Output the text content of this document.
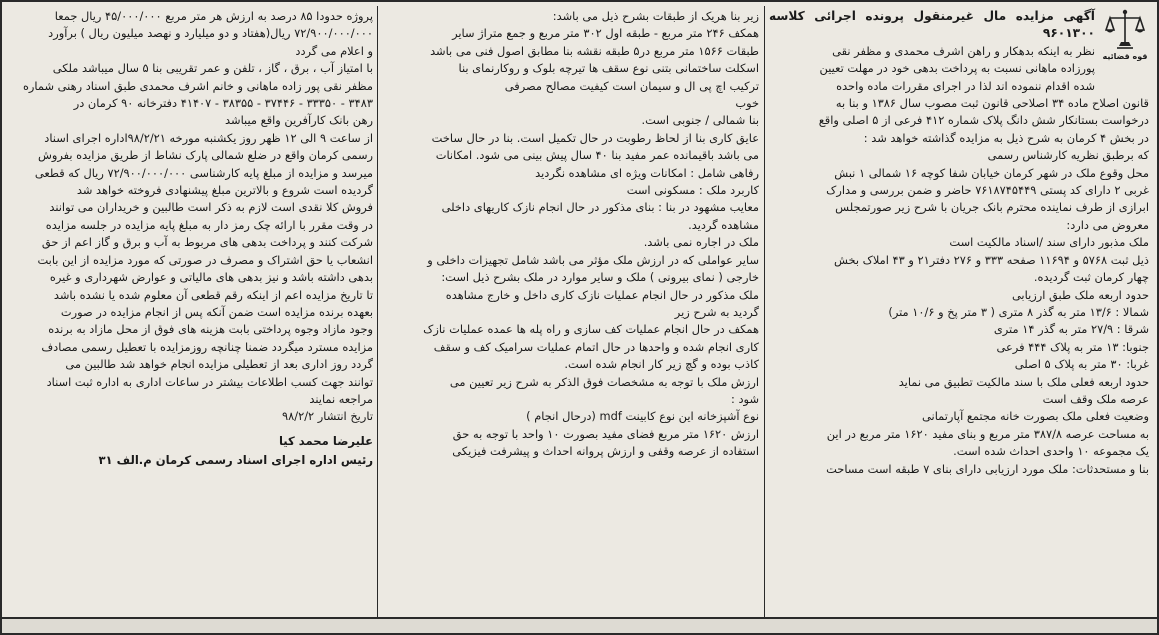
قوه قضائیه

آگهی مزایده مال غیرمنقول پرونده اجرائی کلاسه ۹۶۰۱۳۰۰

نظر به اینکه بدهکار و راهن اشرف محمدی و مظفر نقی

پورزاده ماهانی نسبت به پرداخت بدهی خود در مهلت تعیین

شده اقدام ننموده اند لذا در اجرای مقررات ماده واحده

قانون اصلاح ماده ۳۴ اصلاحی قانون ثبت مصوب سال ۱۳۸۶ و بنا به

درخواست بستانکار شش دانگ پلاک شماره ۴۱۲ فرعی از ۵ اصلی واقع

در بخش ۴ کرمان به شرح ذیل به مزایده گذاشته خواهد شد :

که برطبق نظریه کارشناس رسمی

محل وقوع ملک در شهر کرمان خیابان شفا کوچه ۱۶ شمالی ۱ نبش

غربی ۲ دارای کد پستی ۷۶۱۸۷۴۵۴۴۹ حاضر و ضمن بررسی و مدارک

ابرازی از طرف نماینده محترم بانک جریان با شرح زیر صورتمجلس

معروض می دارد:

ملک مذبور دارای سند /اسناد مالکیت است

ذیل ثبت ۵۷۶۸ و ۱۱۶۹۴ صفحه ۳۳۳ و ۲۷۶ دفتر۲۱ و ۴۳ املاک بخش

چهار کرمان ثبت گردیده.

حدود اربعه ملک طبق ارزیابی

شمالا : ۱۳/۶ متر به گذر ۸ متری ( ۳ متر پخ و ۱۰/۶ متر)

شرقا : ۲۷/۹ متر به گذر ۱۴ متری

جنوبا: ۱۳ متر به پلاک ۴۴۴ فرعی

غربا: ۳۰ متر به پلاک ۵ اصلی

حدود اربعه فعلی ملک با سند مالکیت تطبیق می نماید

عرصه ملک وقف است

وضعیت فعلی ملک بصورت خانه مجتمع آپارتمانی

به مساحت عرصه ۳۸۷/۸ متر مربع و بنای مفید ۱۶۲۰ متر مربع در این

یک مجموعه ۱۰ واحدی احداث شده است.

بنا و مستحدثات: ملک مورد ارزیابی دارای بنای ۷ طبقه است مساحت

زیر بنا هریک از طبقات بشرح ذیل می باشد:

همکف ۲۴۶ متر مربع - طبقه اول ۳۰۲ متر مربع و جمع متراژ سایر

طبقات ۱۵۶۶ متر مربع در۵ طبقه نقشه بنا مطابق اصول فنی می باشد

اسکلت ساختمانی بتنی نوع سقف ها تیرچه بلوک و روکارنمای بنا

ترکیب اچ پی ال و سیمان است کیفیت مصالح مصرفی

خوب

بنا شمالی / جنوبی است.

عایق کاری بنا از لحاظ رطوبت در حال تکمیل است. بنا در حال ساخت

می باشد باقیمانده عمر مفید بنا ۴۰ سال پیش بینی می شود. امکانات

رفاهی شامل : امکانات ویژه ای مشاهده نگردید

کاربرد ملک : مسکونی است

معایب مشهود در بنا : بنای مذکور در حال انجام نازک کاریهای داخلی

مشاهده گردید.

ملک در اجاره نمی باشد.

سایر عواملی که در ارزش ملک مؤثر می باشد شامل تجهیزات داخلی و

خارجی ( نمای بیرونی ) ملک و سایر موارد در ملک بشرح ذیل است:

ملک مذکور در حال انجام عملیات نازک کاری داخل و خارج مشاهده

گردید به شرح زیر

همکف در حال انجام عملیات کف سازی و راه پله ها عمده عملیات نازک

کاری انجام شده و واحدها در حال اتمام عملیات سرامیک کف و سقف

کاذب بوده و گچ زیر کار انجام شده است.

ارزش ملک با توجه به مشخصات فوق الذکر به شرح زیر تعیین می

شود :

نوع آشپزخانه این نوع کابینت mdf (درحال انجام )

ارزش ۱۶۲۰ متر مربع فضای مفید بصورت ۱۰ واحد با توجه به حق

استفاده از عرصه وقفی و ارزش پروانه احداث و پیشرفت فیزیکی

پروژه حدودا ۸۵ درصد به ارزش هر متر مربع ۴۵/۰۰۰/۰۰۰ ریال جمعا

۷۲/۹۰۰/۰۰۰/۰۰۰ ریال(هفتاد و دو میلیارد و نهصد میلیون ریال ) برآورد

و اعلام می گردد

با امتیاز آب ، برق ، گاز ، تلفن و عمر تقریبی بنا ۵ سال میباشد ملکی

مظفر نقی پور زاده ماهانی و خانم اشرف محمدی طبق اسناد رهنی شماره

۳۴۸۳ - ۳۳۳۵۰ - ۳۷۴۴۶ - ۳۸۳۵۵ - ۴۱۴۰۷ دفترخانه ۹۰ کرمان در

رهن بانک کارآفرین واقع میباشد

از ساعت ۹ الی ۱۲ ظهر روز یکشنبه مورخه ۹۸/۲/۲۱اداره اجرای اسناد

رسمی کرمان واقع در ضلع شمالی پارک نشاط از طریق مزایده بفروش

میرسد و مزایده از مبلغ پایه کارشناسی ۷۲/۹۰۰/۰۰۰/۰۰۰ ریال که قطعی

گردیده است شروع و بالاترین مبلغ پیشنهادی فروخته خواهد شد

فروش کلا نقدی است لازم به ذکر است طالبین و خریداران می توانند

در وقت مقرر با ارائه چک رمز دار به مبلغ پایه مزایده در جلسه مزایده

شرکت کنند و پرداخت بدهی های مربوط به آب و برق و گاز اعم از حق

انشعاب یا حق اشتراک و مصرف در صورتی که مورد مزایده از این بابت

بدهی داشته باشد و نیز بدهی های مالیاتی و عوارض شهرداری و غیره

تا تاریخ مزایده اعم از اینکه رقم قطعی آن معلوم شده یا نشده باشد

بعهده برنده مزایده است ضمن آنکه پس از انجام مزایده در صورت

وجود مازاد وجوه پرداختی بابت هزینه های فوق از محل مازاد به برنده

مزایده مسترد میگردد ضمنا چنانچه روزمزایده با تعطیل رسمی مصادف

گردد روز اداری بعد از تعطیلی مزایده انجام خواهد شد طالبین می

توانند جهت کسب اطلاعات بیشتر در ساعات اداری به اداره ثبت اسناد

مراجعه نمایند

تاریخ انتشار ۹۸/۲/۲

علیرضا محمد کیا

رئیس اداره اجرای اسناد رسمی کرمان م.الف ۳۱
